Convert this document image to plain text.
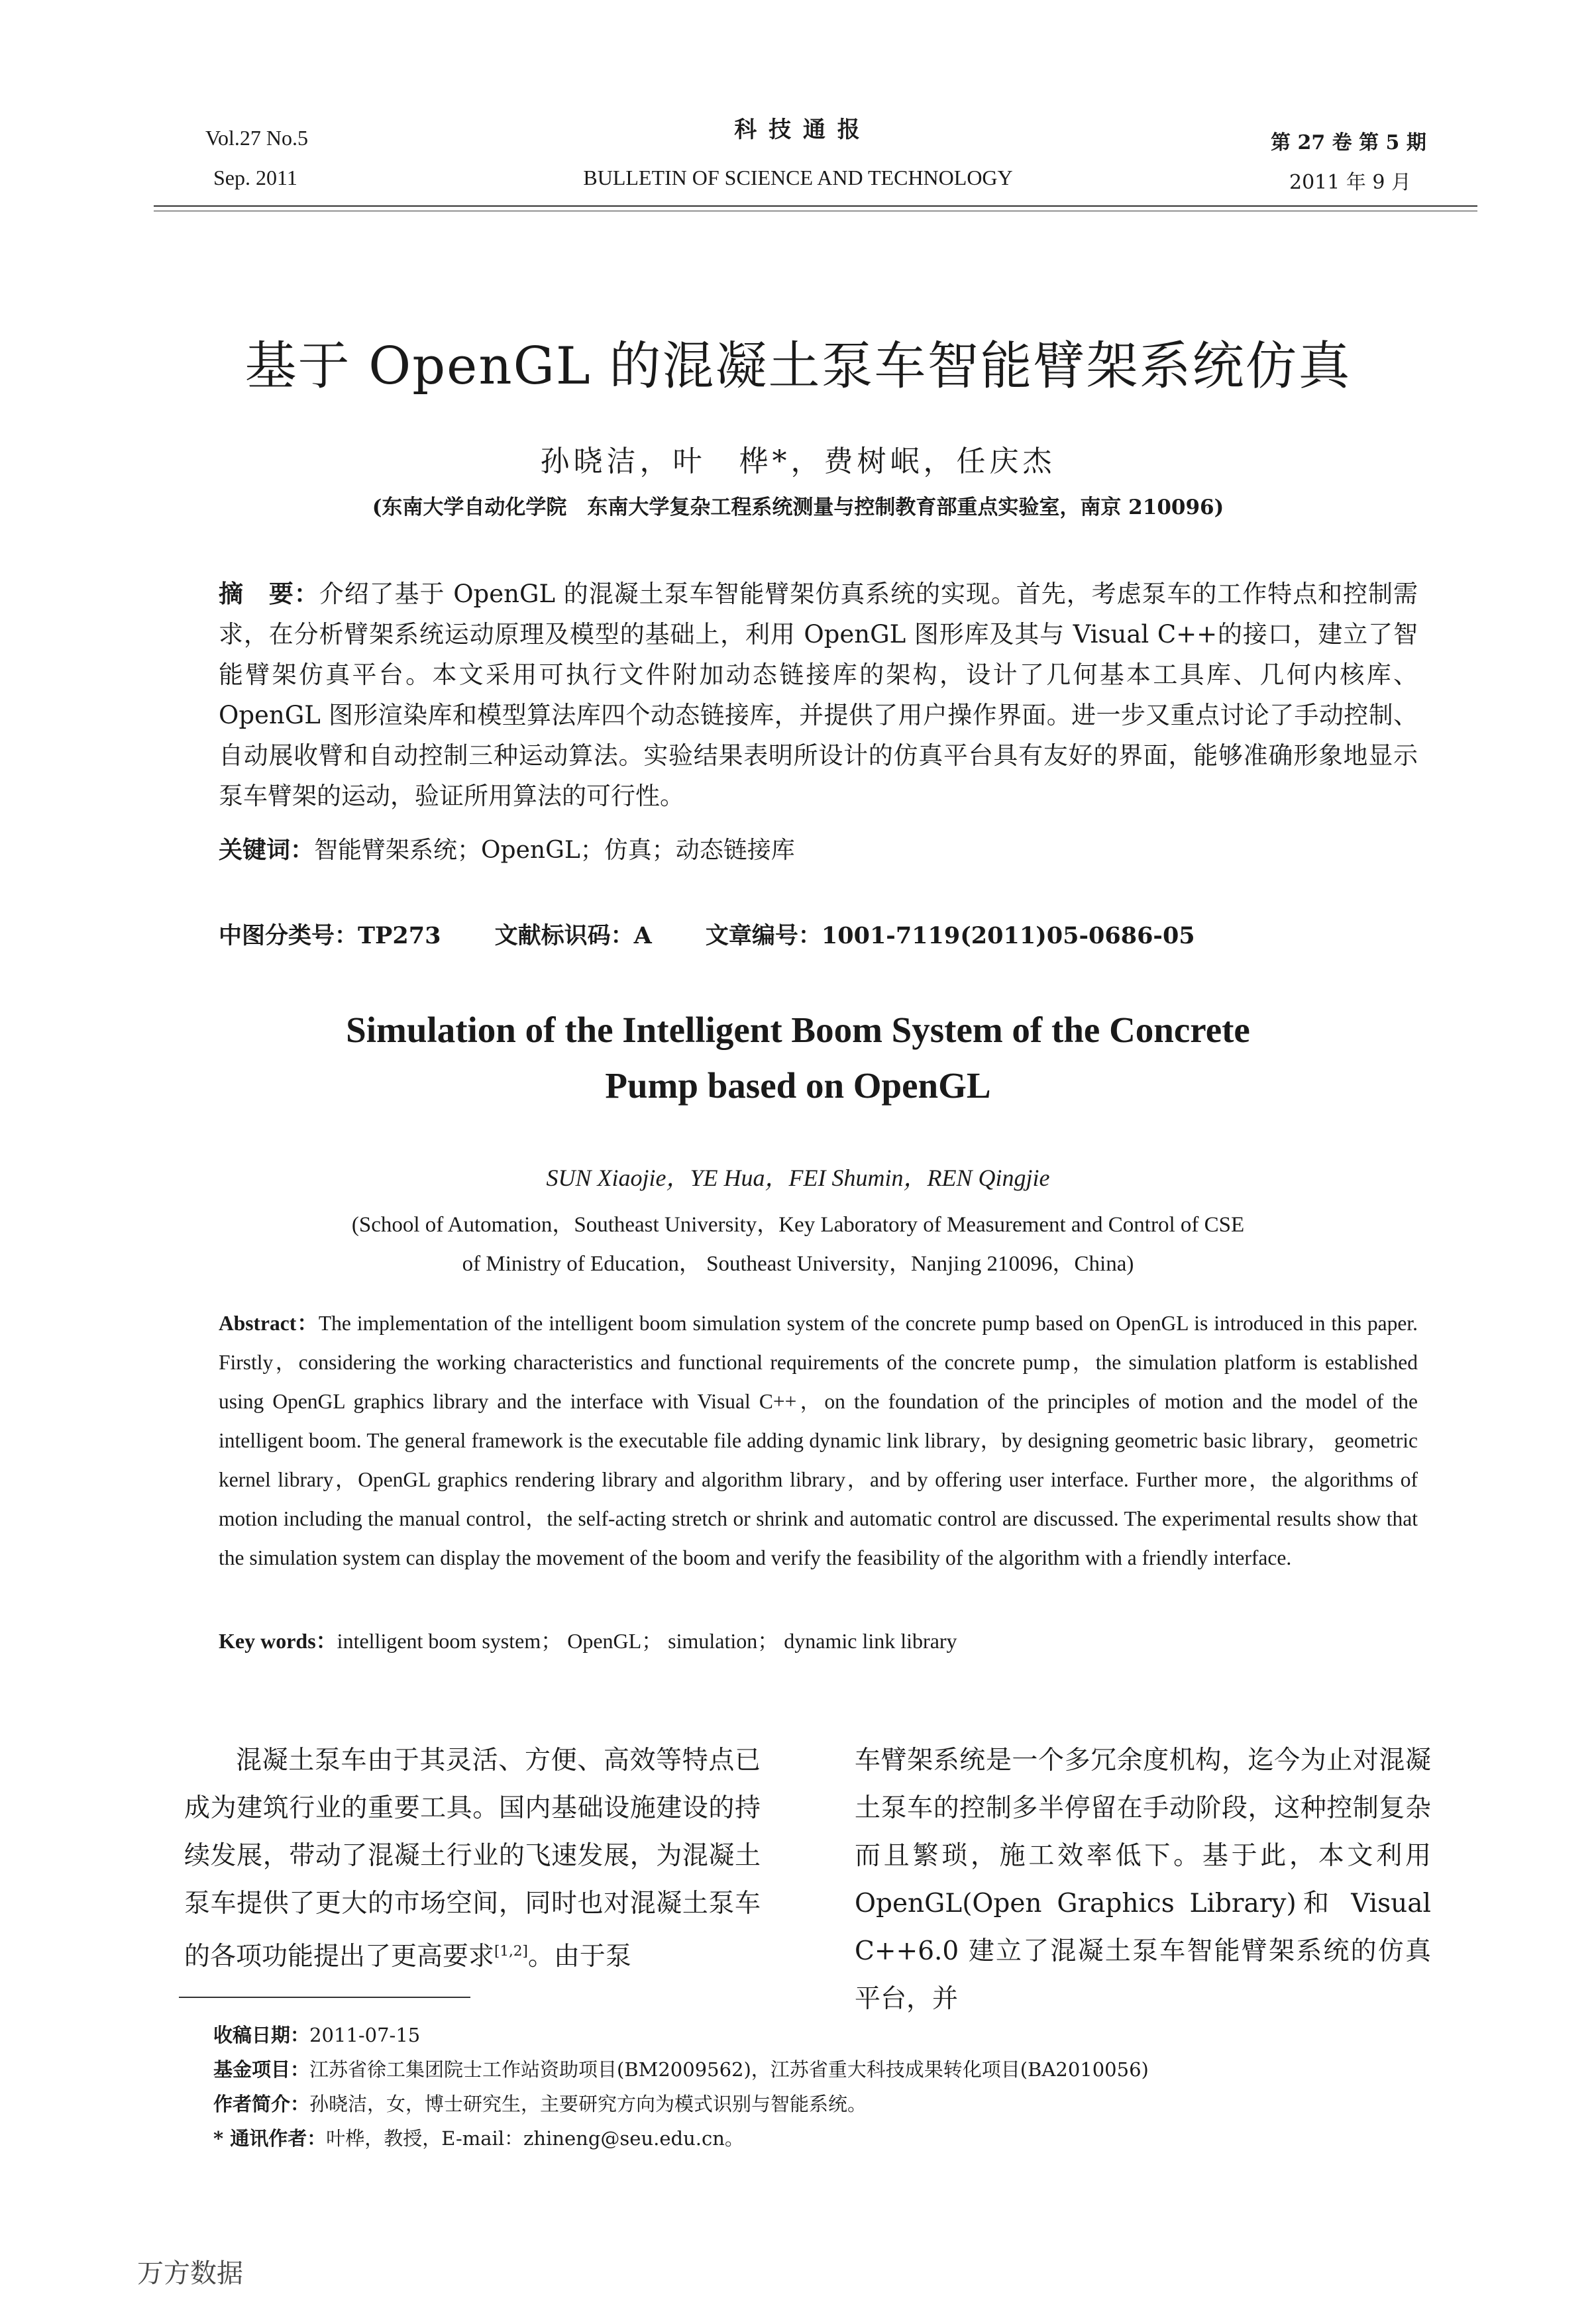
Vol.27 No.5
Sep. 2011
科 技 通 报
BULLETIN OF SCIENCE AND TECHNOLOGY
第 27 卷 第 5 期
2011 年 9 月
基于 OpenGL 的混凝土泵车智能臂架系统仿真
孙晓洁，叶　桦*，费树岷，任庆杰
(东南大学自动化学院　东南大学复杂工程系统测量与控制教育部重点实验室，南京 210096)
摘　要：介绍了基于 OpenGL 的混凝土泵车智能臂架仿真系统的实现。首先，考虑泵车的工作特点和控制需求，在分析臂架系统运动原理及模型的基础上，利用 OpenGL 图形库及其与 Visual C++的接口，建立了智能臂架仿真平台。本文采用可执行文件附加动态链接库的架构，设计了几何基本工具库、几何内核库、OpenGL 图形渲染库和模型算法库四个动态链接库，并提供了用户操作界面。进一步又重点讨论了手动控制、自动展收臂和自动控制三种运动算法。实验结果表明所设计的仿真平台具有友好的界面，能够准确形象地显示泵车臂架的运动，验证所用算法的可行性。
关键词：智能臂架系统；OpenGL；仿真；动态链接库
中图分类号：TP273 文献标识码：A 文章编号：1001-7119(2011)05-0686-05
Simulation of the Intelligent Boom System of the Concrete
Pump based on OpenGL
SUN Xiaojie，YE Hua，FEI Shumin，REN Qingjie
(School of Automation，Southeast University，Key Laboratory of Measurement and Control of CSE
of Ministry of Education， Southeast University，Nanjing 210096，China)
Abstract：The implementation of the intelligent boom simulation system of the concrete pump based on OpenGL is introduced in this paper. Firstly，considering the working characteristics and functional requirements of the concrete pump，the simulation platform is established using OpenGL graphics library and the interface with Visual C++，on the foundation of the principles of motion and the model of the intelligent boom. The general framework is the executable file adding dynamic link library，by designing geometric basic library， geometric kernel library，OpenGL graphics rendering library and algorithm library，and by offering user interface. Further more，the algorithms of motion including the manual control，the self-acting stretch or shrink and automatic control are discussed. The experimental results show that the simulation system can display the movement of the boom and verify the feasibility of the algorithm with a friendly interface.
Key words：intelligent boom system； OpenGL； simulation； dynamic link library
混凝土泵车由于其灵活、方便、高效等特点已成为建筑行业的重要工具。国内基础设施建设的持续发展，带动了混凝土行业的飞速发展，为混凝土泵车提供了更大的市场空间，同时也对混凝土泵车的各项功能提出了更高要求[1,2]。由于泵
车臂架系统是一个多冗余度机构，迄今为止对混凝土泵车的控制多半停留在手动阶段，这种控制复杂而且繁琐，施工效率低下。基于此，本文利用 OpenGL(Open Graphics Library)和 Visual C++6.0 建立了混凝土泵车智能臂架系统的仿真平台，并
收稿日期：2011-07-15
基金项目：江苏省徐工集团院士工作站资助项目(BM2009562)，江苏省重大科技成果转化项目(BA2010056)
作者简介：孙晓洁，女，博士研究生，主要研究方向为模式识别与智能系统。
* 通讯作者：叶桦，教授，E-mail：zhineng@seu.edu.cn。
万方数据
